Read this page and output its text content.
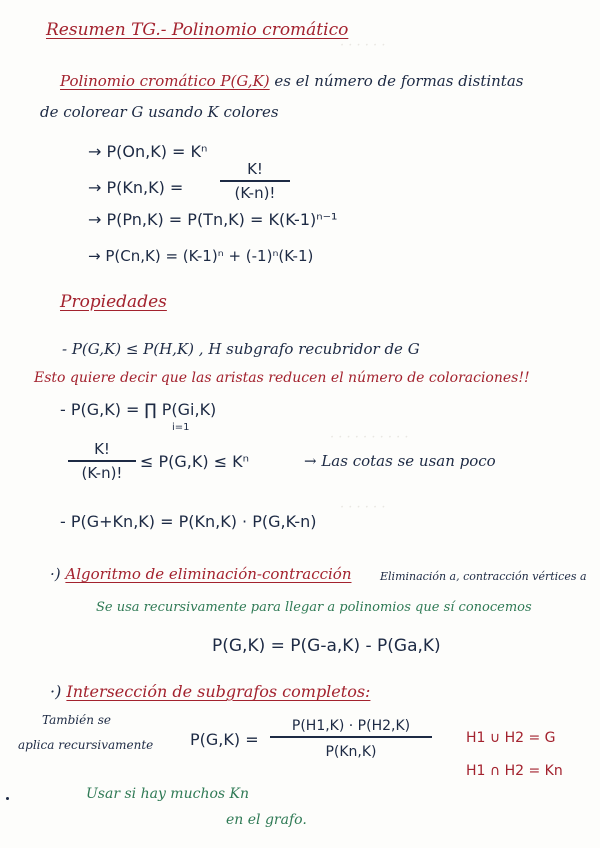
· · · · · ·
· · · · · · · · · ·
· · · · · ·
Resumen TG.- Polinomio cromático
Polinomio cromático P(G,K) es el número de formas distintas
de colorear G usando K colores
→ P(On,K) = Kⁿ
→ P(Kn,K) =
K!
(K-n)!
→ P(Pn,K) = P(Tn,K) = K(K-1)ⁿ⁻¹
→ P(Cn,K) = (K-1)ⁿ + (-1)ⁿ(K-1)
Propiedades
- P(G,K) ≤ P(H,K) , H subgrafo recubridor de G
Esto quiere decir que las aristas reducen el número de coloraciones!!
- P(G,K) = ∏ P(Gi,K)
i=1
K!
(K-n)!
≤ P(G,K) ≤ Kⁿ	→ Las cotas se usan poco
- P(G+Kn,K) = P(Kn,K) · P(G,K-n)
·) Algoritmo de eliminación-contracción	Eliminación a, contracción vértices a
Se usa recursivamente para llegar a polinomios que sí conocemos
P(G,K) = P(G-a,K) - P(Ga,K)
·) Intersección de subgrafos completos:
También se
aplica recursivamente P(G,K) =
P(H1,K) · P(H2,K)
P(Kn,K)
H1 ∪ H2 = G
H1 ∩ H2 = Kn
Usar si hay muchos Kn
en el grafo.
